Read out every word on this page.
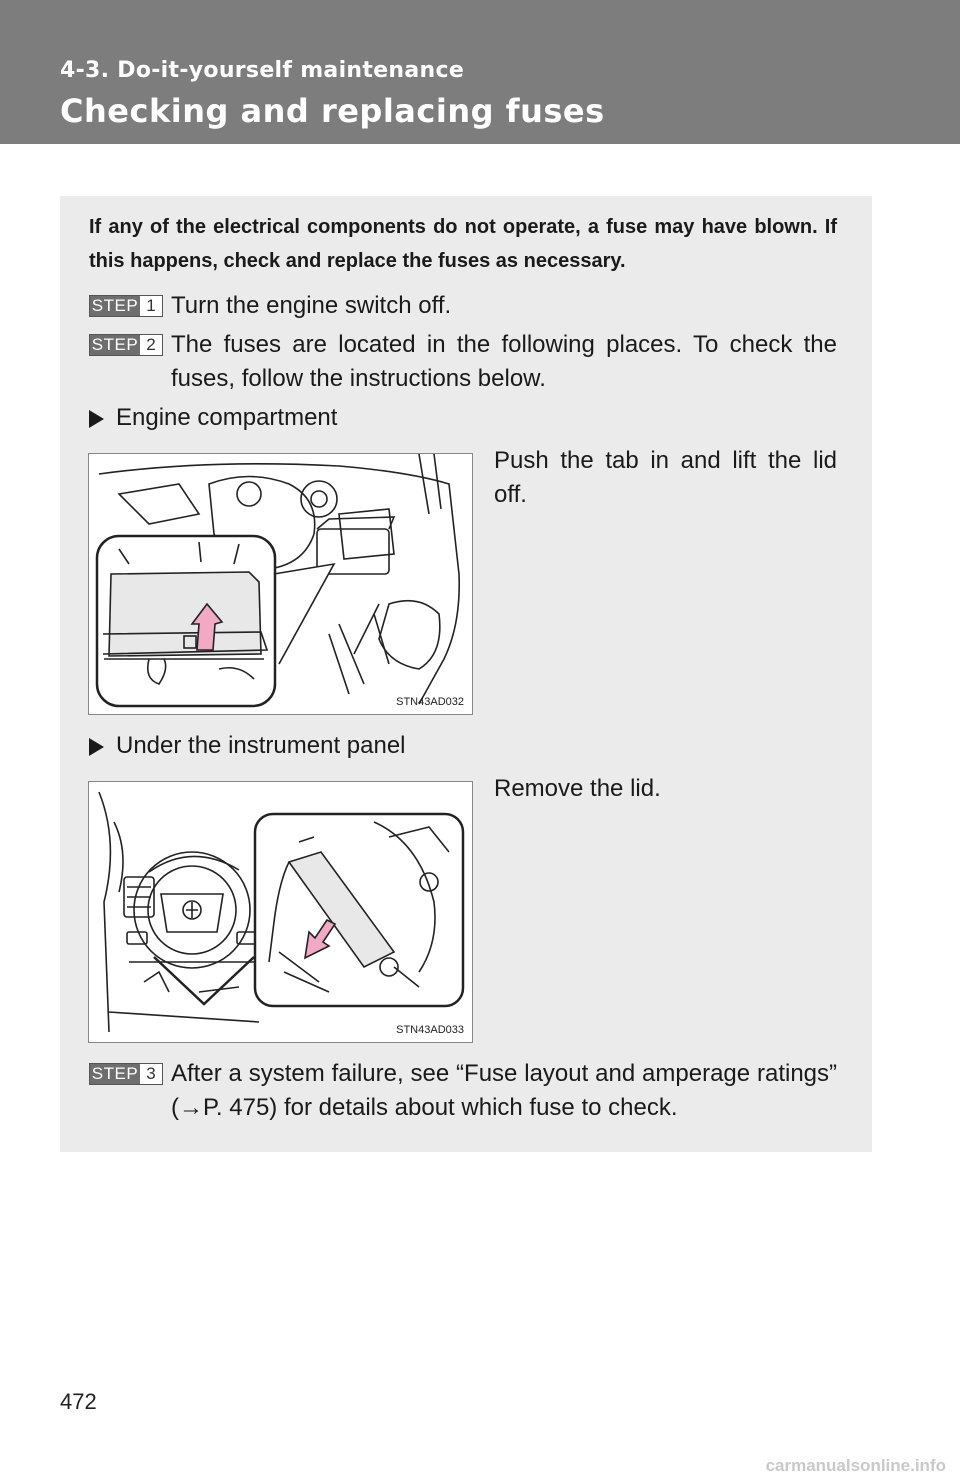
4-3. Do-it-yourself maintenance
Checking and replacing fuses
If any of the electrical components do not operate, a fuse may have blown. If this happens, check and replace the fuses as necessary.
STEP 1 Turn the engine switch off.
STEP 2 The fuses are located in the following places. To check the fuses, follow the instructions below.
Engine compartment
Push the tab in and lift the lid off.
STN43AD032
Under the instrument panel
Remove the lid.
STN43AD033
STEP 3 After a system failure, see “Fuse layout and amperage ratings” (→P. 475) for details about which fuse to check.
472
carmanualsonline.info
